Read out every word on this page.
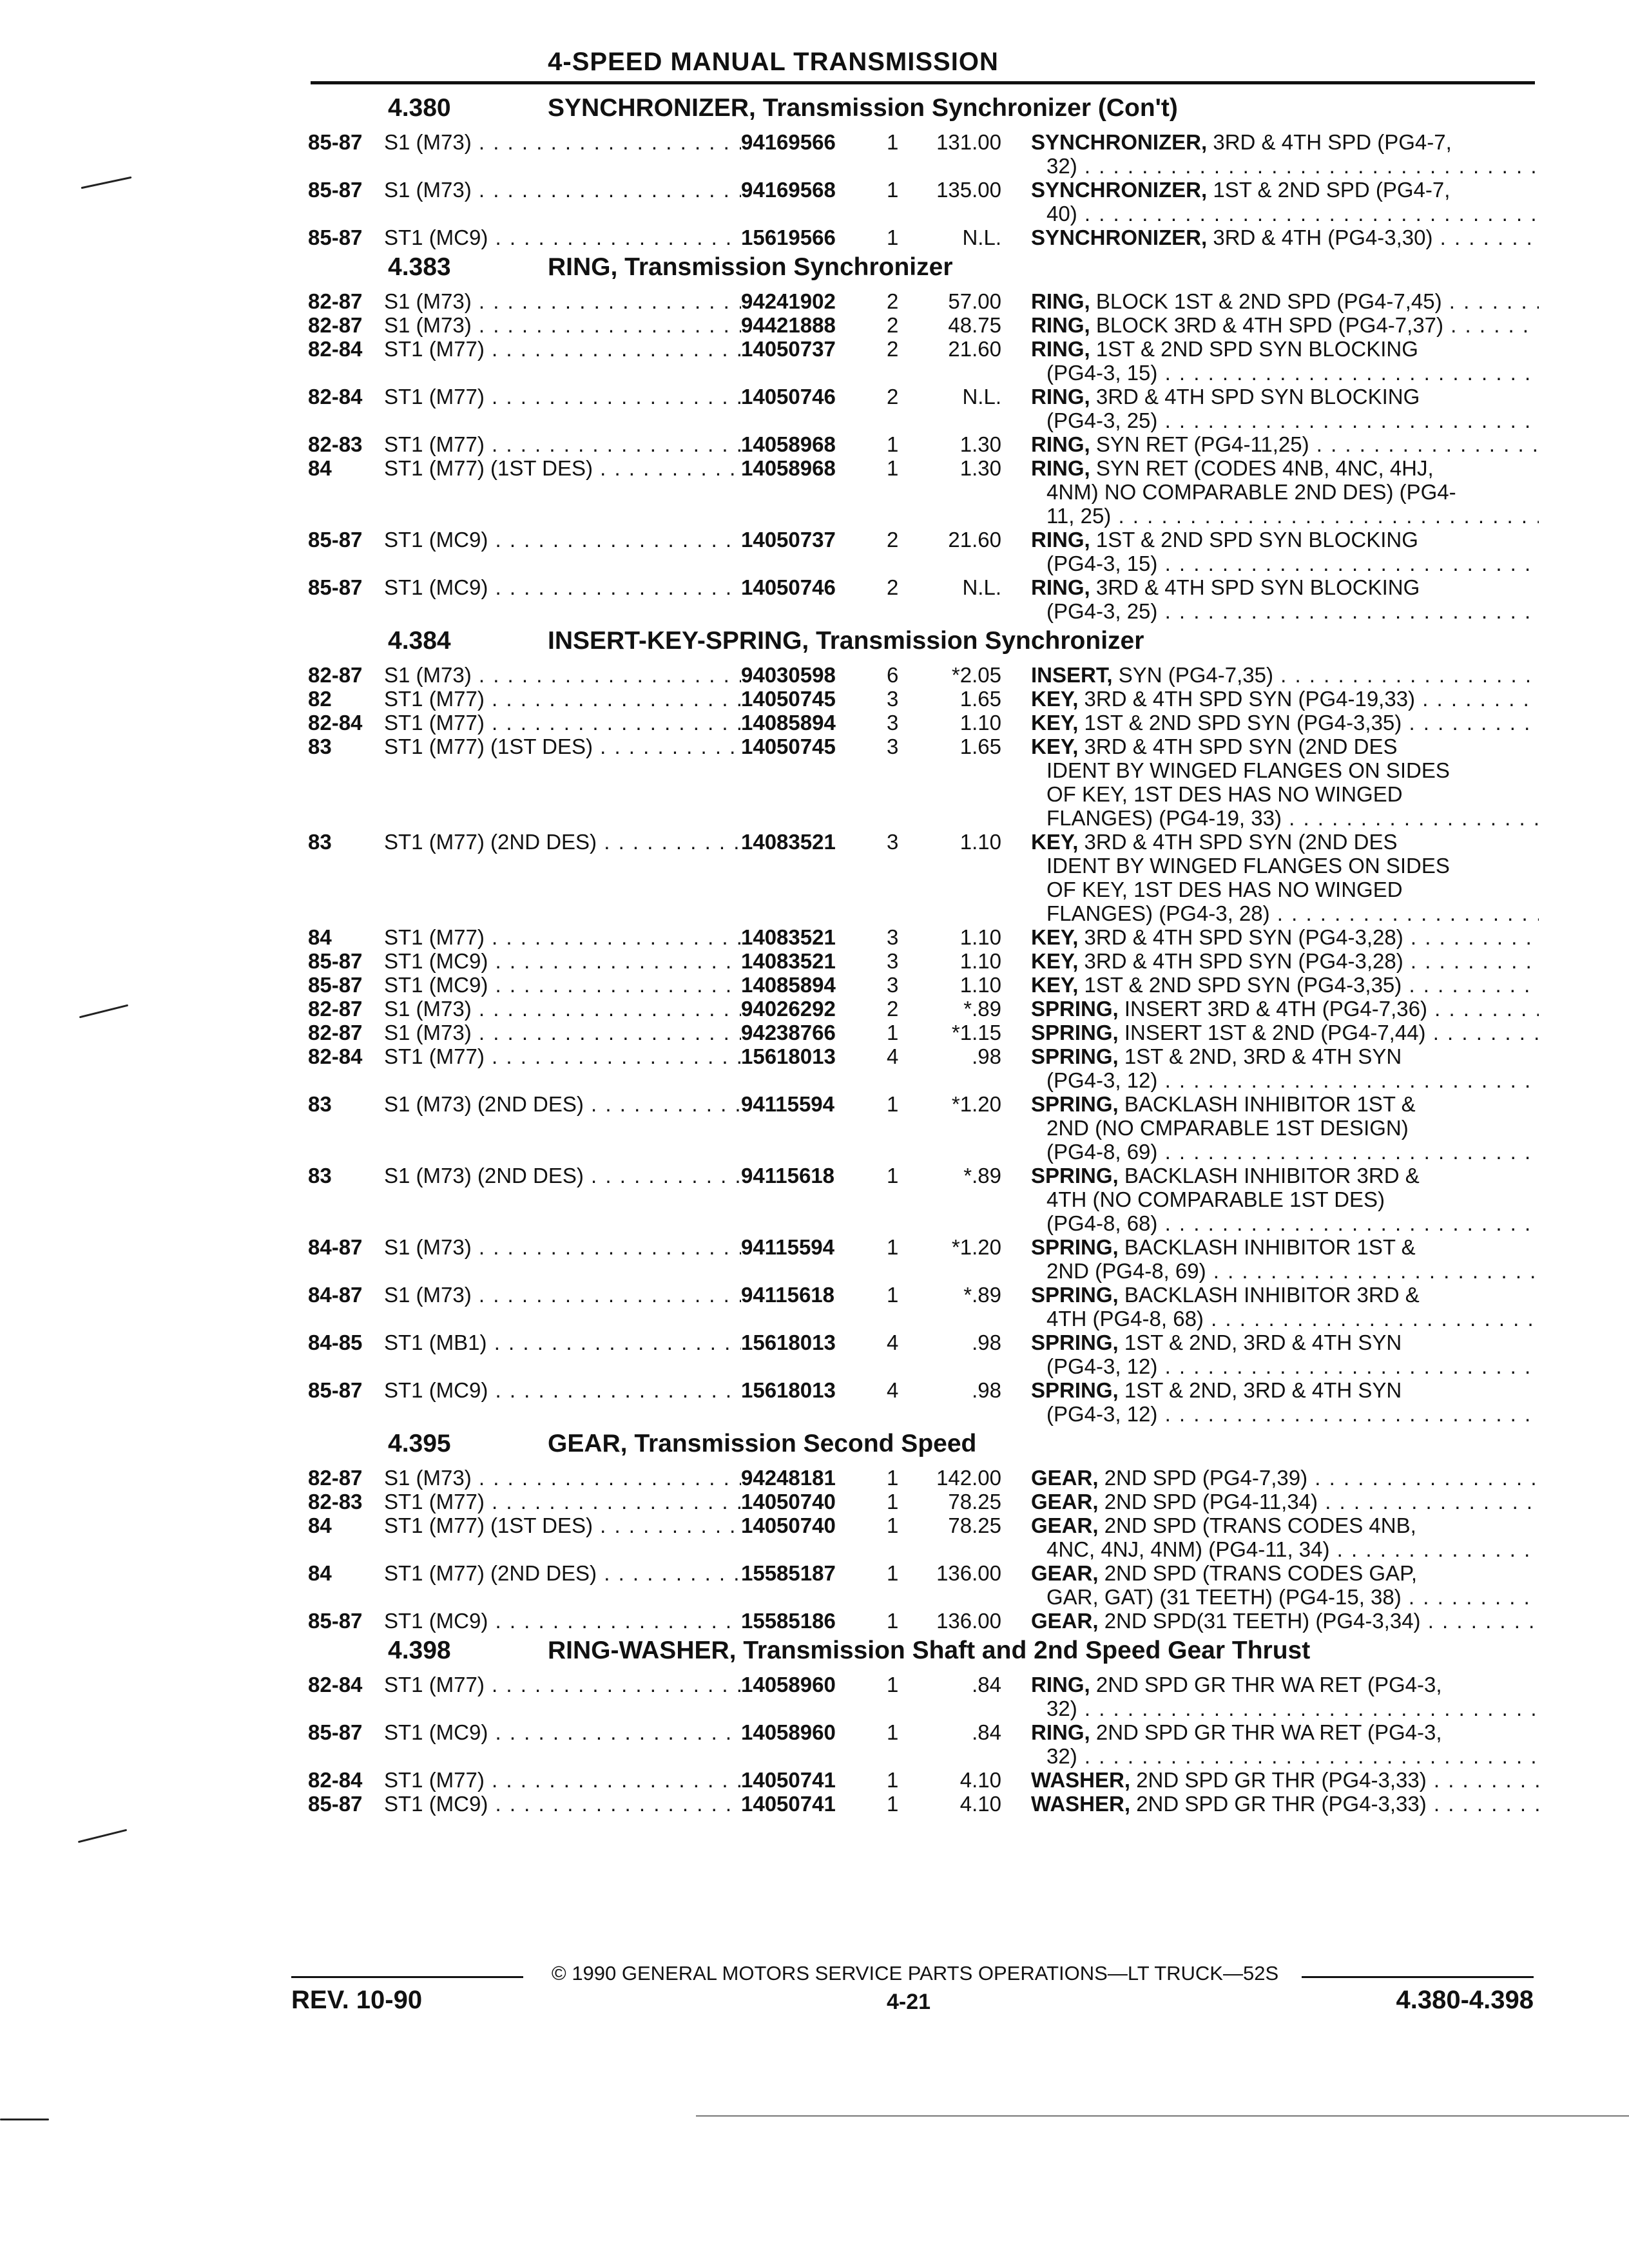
4-SPEED MANUAL TRANSMISSION
4.380	SYNCHRONIZER, Transmission Synchronizer (Con't)
85-87	S1 (M73) . . .	94169566	1	131.00	SYNCHRONIZER, 3RD & 4TH SPD (PG4-7,
32) . . .
85-87	S1 (M73) . . .	94169568	1	135.00	SYNCHRONIZER, 1ST & 2ND SPD (PG4-7,
40) . . .
85-87	ST1 (MC9) . . .	15619566	1	N.L.	SYNCHRONIZER, 3RD & 4TH (PG4-3,30) . . .
4.383	RING, Transmission Synchronizer
82-87	S1 (M73) . . .	94241902	2	57.00	RING, BLOCK 1ST & 2ND SPD (PG4-7,45) . . .
82-87	S1 (M73) . . .	94421888	2	48.75	RING, BLOCK 3RD & 4TH SPD (PG4-7,37) . . .
82-84	ST1 (M77) . . .	14050737	2	21.60	RING, 1ST & 2ND SPD SYN BLOCKING
(PG4-3, 15) . . .
82-84	ST1 (M77) . . .	14050746	2	N.L.	RING, 3RD & 4TH SPD SYN BLOCKING
(PG4-3, 25) . . .
82-83	ST1 (M77) . . .	14058968	1	1.30	RING, SYN RET (PG4-11,25) . . .
84	ST1 (M77) (1ST DES) . . .	14058968	1	1.30	RING, SYN RET (CODES 4NB, 4NC, 4HJ,
4NM) NO COMPARABLE 2ND DES) (PG4-
11, 25) . . .
85-87	ST1 (MC9) . . .	14050737	2	21.60	RING, 1ST & 2ND SPD SYN BLOCKING
(PG4-3, 15) . . .
85-87	ST1 (MC9) . . .	14050746	2	N.L.	RING, 3RD & 4TH SPD SYN BLOCKING
(PG4-3, 25) . . .
4.384	INSERT-KEY-SPRING, Transmission Synchronizer
82-87	S1 (M73) . . .	94030598	6	*2.05	INSERT, SYN (PG4-7,35) . . .
82	ST1 (M77) . . .	14050745	3	1.65	KEY, 3RD & 4TH SPD SYN (PG4-19,33) . . .
82-84	ST1 (M77) . . .	14085894	3	1.10	KEY, 1ST & 2ND SPD SYN (PG4-3,35) . . .
83	ST1 (M77) (1ST DES) . . .	14050745	3	1.65	KEY, 3RD & 4TH SPD SYN (2ND DES
IDENT BY WINGED FLANGES ON SIDES
OF KEY, 1ST DES HAS NO WINGED
FLANGES) (PG4-19, 33) . . .
83	ST1 (M77) (2ND DES) . . .	14083521	3	1.10	KEY, 3RD & 4TH SPD SYN (2ND DES
IDENT BY WINGED FLANGES ON SIDES
OF KEY, 1ST DES HAS NO WINGED
FLANGES) (PG4-3, 28) . . .
84	ST1 (M77) . . .	14083521	3	1.10	KEY, 3RD & 4TH SPD SYN (PG4-3,28) . . .
85-87	ST1 (MC9) . . .	14083521	3	1.10	KEY, 3RD & 4TH SPD SYN (PG4-3,28) . . .
85-87	ST1 (MC9) . . .	14085894	3	1.10	KEY, 1ST & 2ND SPD SYN (PG4-3,35) . . .
82-87	S1 (M73) . . .	94026292	2	*.89	SPRING, INSERT 3RD & 4TH (PG4-7,36) . . .
82-87	S1 (M73) . . .	94238766	1	*1.15	SPRING, INSERT 1ST & 2ND (PG4-7,44) . . .
82-84	ST1 (M77) . . .	15618013	4	.98	SPRING, 1ST & 2ND, 3RD & 4TH SYN
(PG4-3, 12) . . .
83	S1 (M73) (2ND DES) . . .	94115594	1	*1.20	SPRING, BACKLASH INHIBITOR 1ST &
2ND (NO CMPARABLE 1ST DESIGN)
(PG4-8, 69) . . .
83	S1 (M73) (2ND DES) . . .	94115618	1	*.89	SPRING, BACKLASH INHIBITOR 3RD &
4TH (NO COMPARABLE 1ST DES)
(PG4-8, 68) . . .
84-87	S1 (M73) . . .	94115594	1	*1.20	SPRING, BACKLASH INHIBITOR 1ST &
2ND (PG4-8, 69) . . .
84-87	S1 (M73) . . .	94115618	1	*.89	SPRING, BACKLASH INHIBITOR 3RD &
4TH (PG4-8, 68) . . .
84-85	ST1 (MB1) . . .	15618013	4	.98	SPRING, 1ST & 2ND, 3RD & 4TH SYN
(PG4-3, 12) . . .
85-87	ST1 (MC9) . . .	15618013	4	.98	SPRING, 1ST & 2ND, 3RD & 4TH SYN
(PG4-3, 12) . . .
4.395	GEAR, Transmission Second Speed
82-87	S1 (M73) . . .	94248181	1	142.00	GEAR, 2ND SPD (PG4-7,39) . . .
82-83	ST1 (M77) . . .	14050740	1	78.25	GEAR, 2ND SPD (PG4-11,34) . . .
84	ST1 (M77) (1ST DES) . . .	14050740	1	78.25	GEAR, 2ND SPD (TRANS CODES 4NB,
4NC, 4NJ, 4NM) (PG4-11, 34) . . .
84	ST1 (M77) (2ND DES) . . .	15585187	1	136.00	GEAR, 2ND SPD (TRANS CODES GAP,
GAR, GAT) (31 TEETH) (PG4-15, 38) . . .
85-87	ST1 (MC9) . . .	15585186	1	136.00	GEAR, 2ND SPD(31 TEETH) (PG4-3,34) . . .
4.398	RING-WASHER, Transmission Shaft and 2nd Speed Gear Thrust
82-84	ST1 (M77) . . .	14058960	1	.84	RING, 2ND SPD GR THR WA RET (PG4-3,
32) . . .
85-87	ST1 (MC9) . . .	14058960	1	.84	RING, 2ND SPD GR THR WA RET (PG4-3,
32) . . .
82-84	ST1 (M77) . . .	14050741	1	4.10	WASHER, 2ND SPD GR THR (PG4-3,33) . . .
85-87	ST1 (MC9) . . .	14050741	1	4.10	WASHER, 2ND SPD GR THR (PG4-3,33) . . .
© 1990 GENERAL MOTORS SERVICE PARTS OPERATIONS—LT TRUCK—52S
REV. 10-90	4-21	4.380-4.398
